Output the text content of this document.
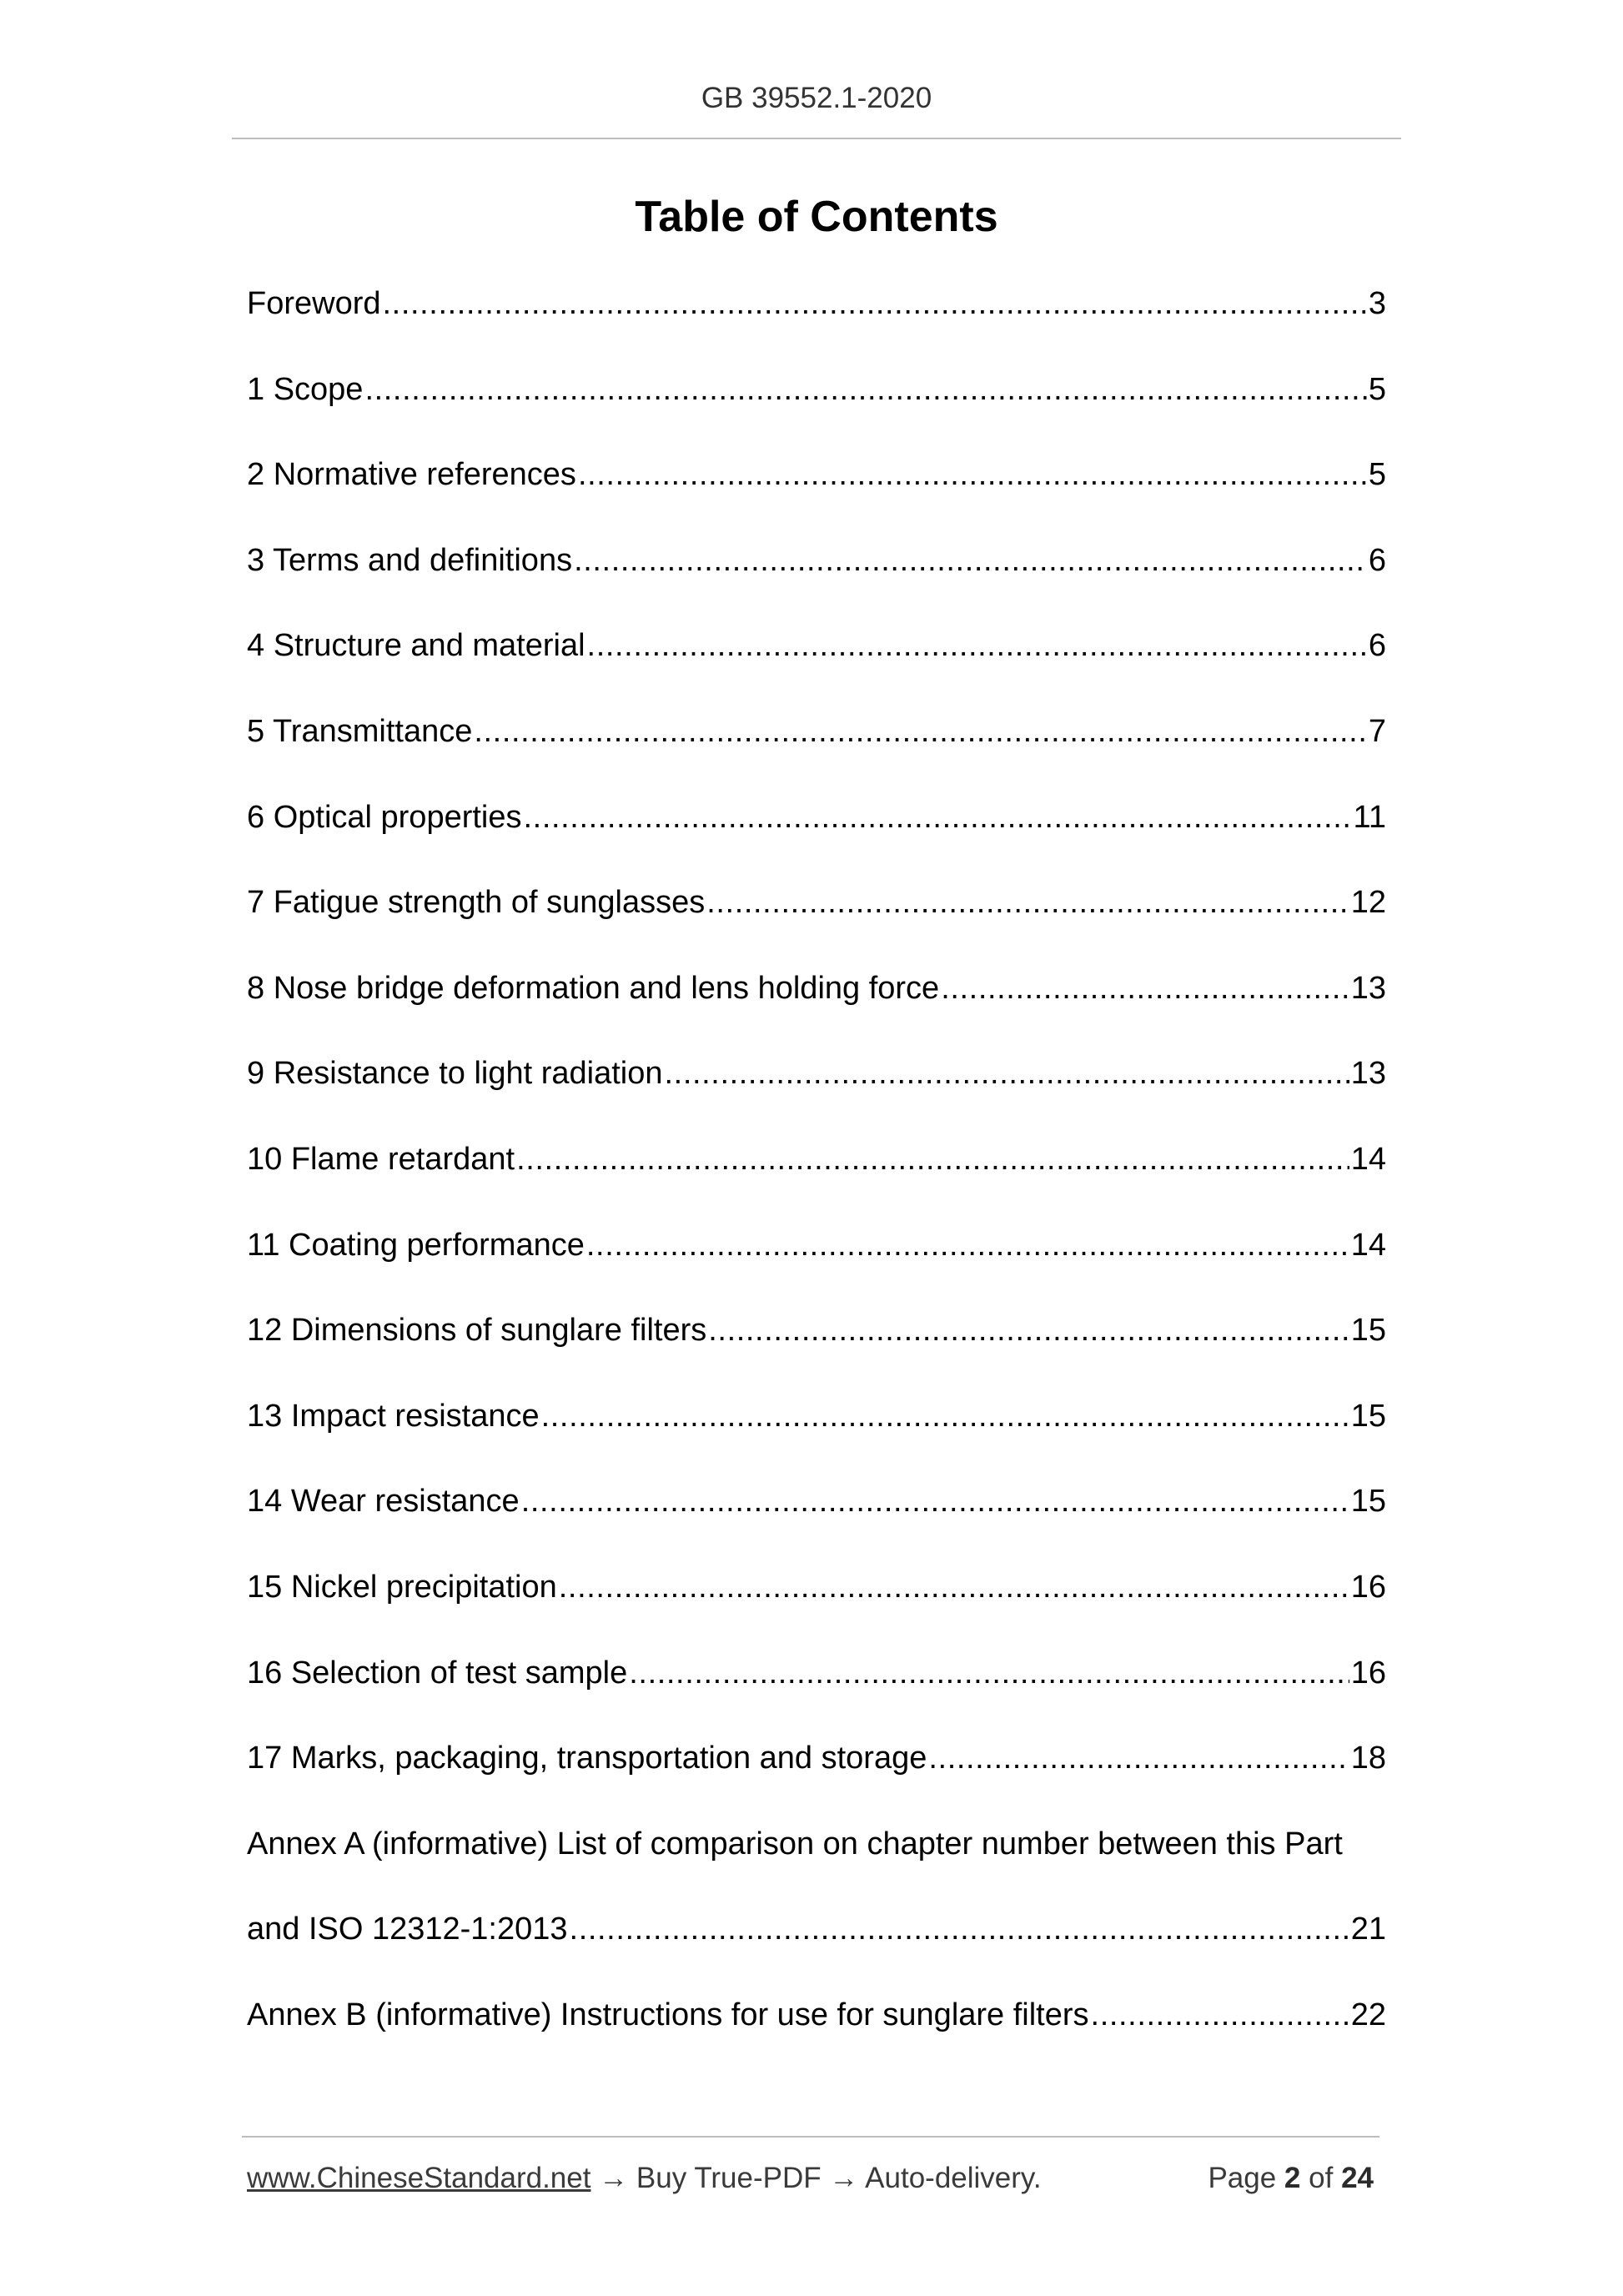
GB 39552.1-2020
Table of Contents
Foreword .....	3
1 Scope .....	5
2 Normative references .....	5
3 Terms and definitions .....	6
4 Structure and material .....	6
5 Transmittance .....	7
6 Optical properties .....	11
7 Fatigue strength of sunglasses .....	12
8 Nose bridge deformation and lens holding force .....	13
9 Resistance to light radiation .....	13
10 Flame retardant .....	14
11 Coating performance .....	14
12 Dimensions of sunglare filters .....	15
13 Impact resistance .....	15
14 Wear resistance .....	15
15 Nickel precipitation .....	16
16 Selection of test sample .....	16
17 Marks, packaging, transportation and storage .....	18
Annex A (informative) List of comparison on chapter number between this Part
and ISO 12312-1:2013 .....	21
Annex B (informative) Instructions for use for sunglare filters .....	22
www.ChineseStandard.net → Buy True-PDF → Auto-delivery.	Page 2 of 24
